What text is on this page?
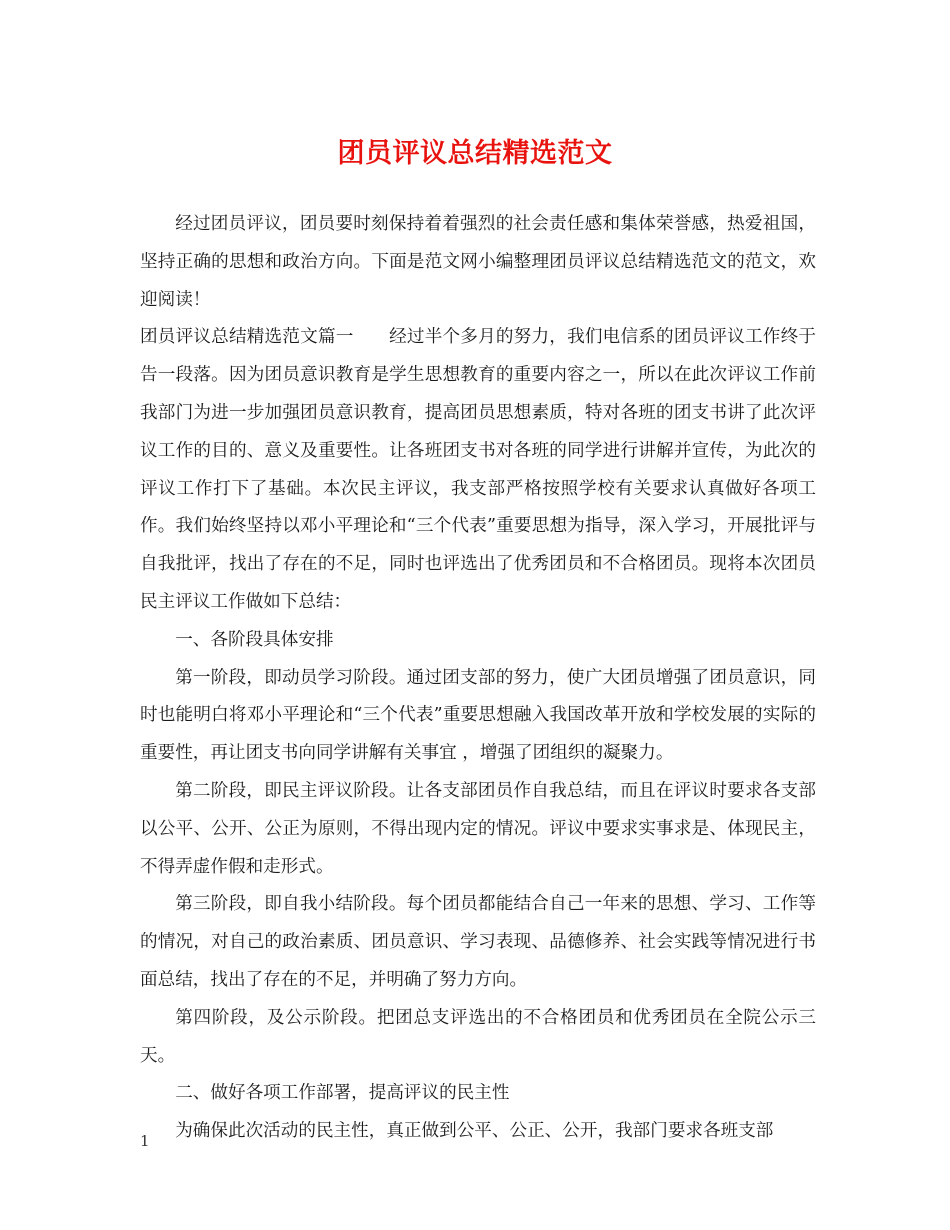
团员评议总结精选范文

经过团员评议，团员要时刻保持着着强烈的社会责任感和集体荣誉感，热爱祖国，坚持正确的思想和政治方向。下面是范文网小编整理团员评议总结精选范文的范文，欢迎阅读！

团员评议总结精选范文篇一　　经过半个多月的努力，我们电信系的团员评议工作终于告一段落。因为团员意识教育是学生思想教育的重要内容之一，所以在此次评议工作前我部门为进一步加强团员意识教育，提高团员思想素质，特对各班的团支书讲了此次评议工作的目的、意义及重要性。让各班团支书对各班的同学进行讲解并宣传，为此次的评议工作打下了基础。本次民主评议，我支部严格按照学校有关要求认真做好各项工作。我们始终坚持以邓小平理论和“三个代表”重要思想为指导，深入学习，开展批评与自我批评，找出了存在的不足，同时也评选出了优秀团员和不合格团员。现将本次团员民主评议工作做如下总结：

一、各阶段具体安排

第一阶段，即动员学习阶段。通过团支部的努力，使广大团员增强了团员意识，同时也能明白将邓小平理论和“三个代表”重要思想融入我国改革开放和学校发展的实际的重要性，再让团支书向同学讲解有关事宜 ，增强了团组织的凝聚力。

第二阶段，即民主评议阶段。让各支部团员作自我总结，而且在评议时要求各支部以公平、公开、公正为原则，不得出现内定的情况。评议中要求实事求是、体现民主，不得弄虚作假和走形式。

第三阶段，即自我小结阶段。每个团员都能结合自己一年来的思想、学习、工作等的情况，对自己的政治素质、团员意识、学习表现、品德修养、社会实践等情况进行书面总结，找出了存在的不足，并明确了努力方向。

第四阶段，及公示阶段。把团总支评选出的不合格团员和优秀团员在全院公示三天。

二、做好各项工作部署，提高评议的民主性

为确保此次活动的民主性，真正做到公平、公正、公开，我部门要求各班支部

1
